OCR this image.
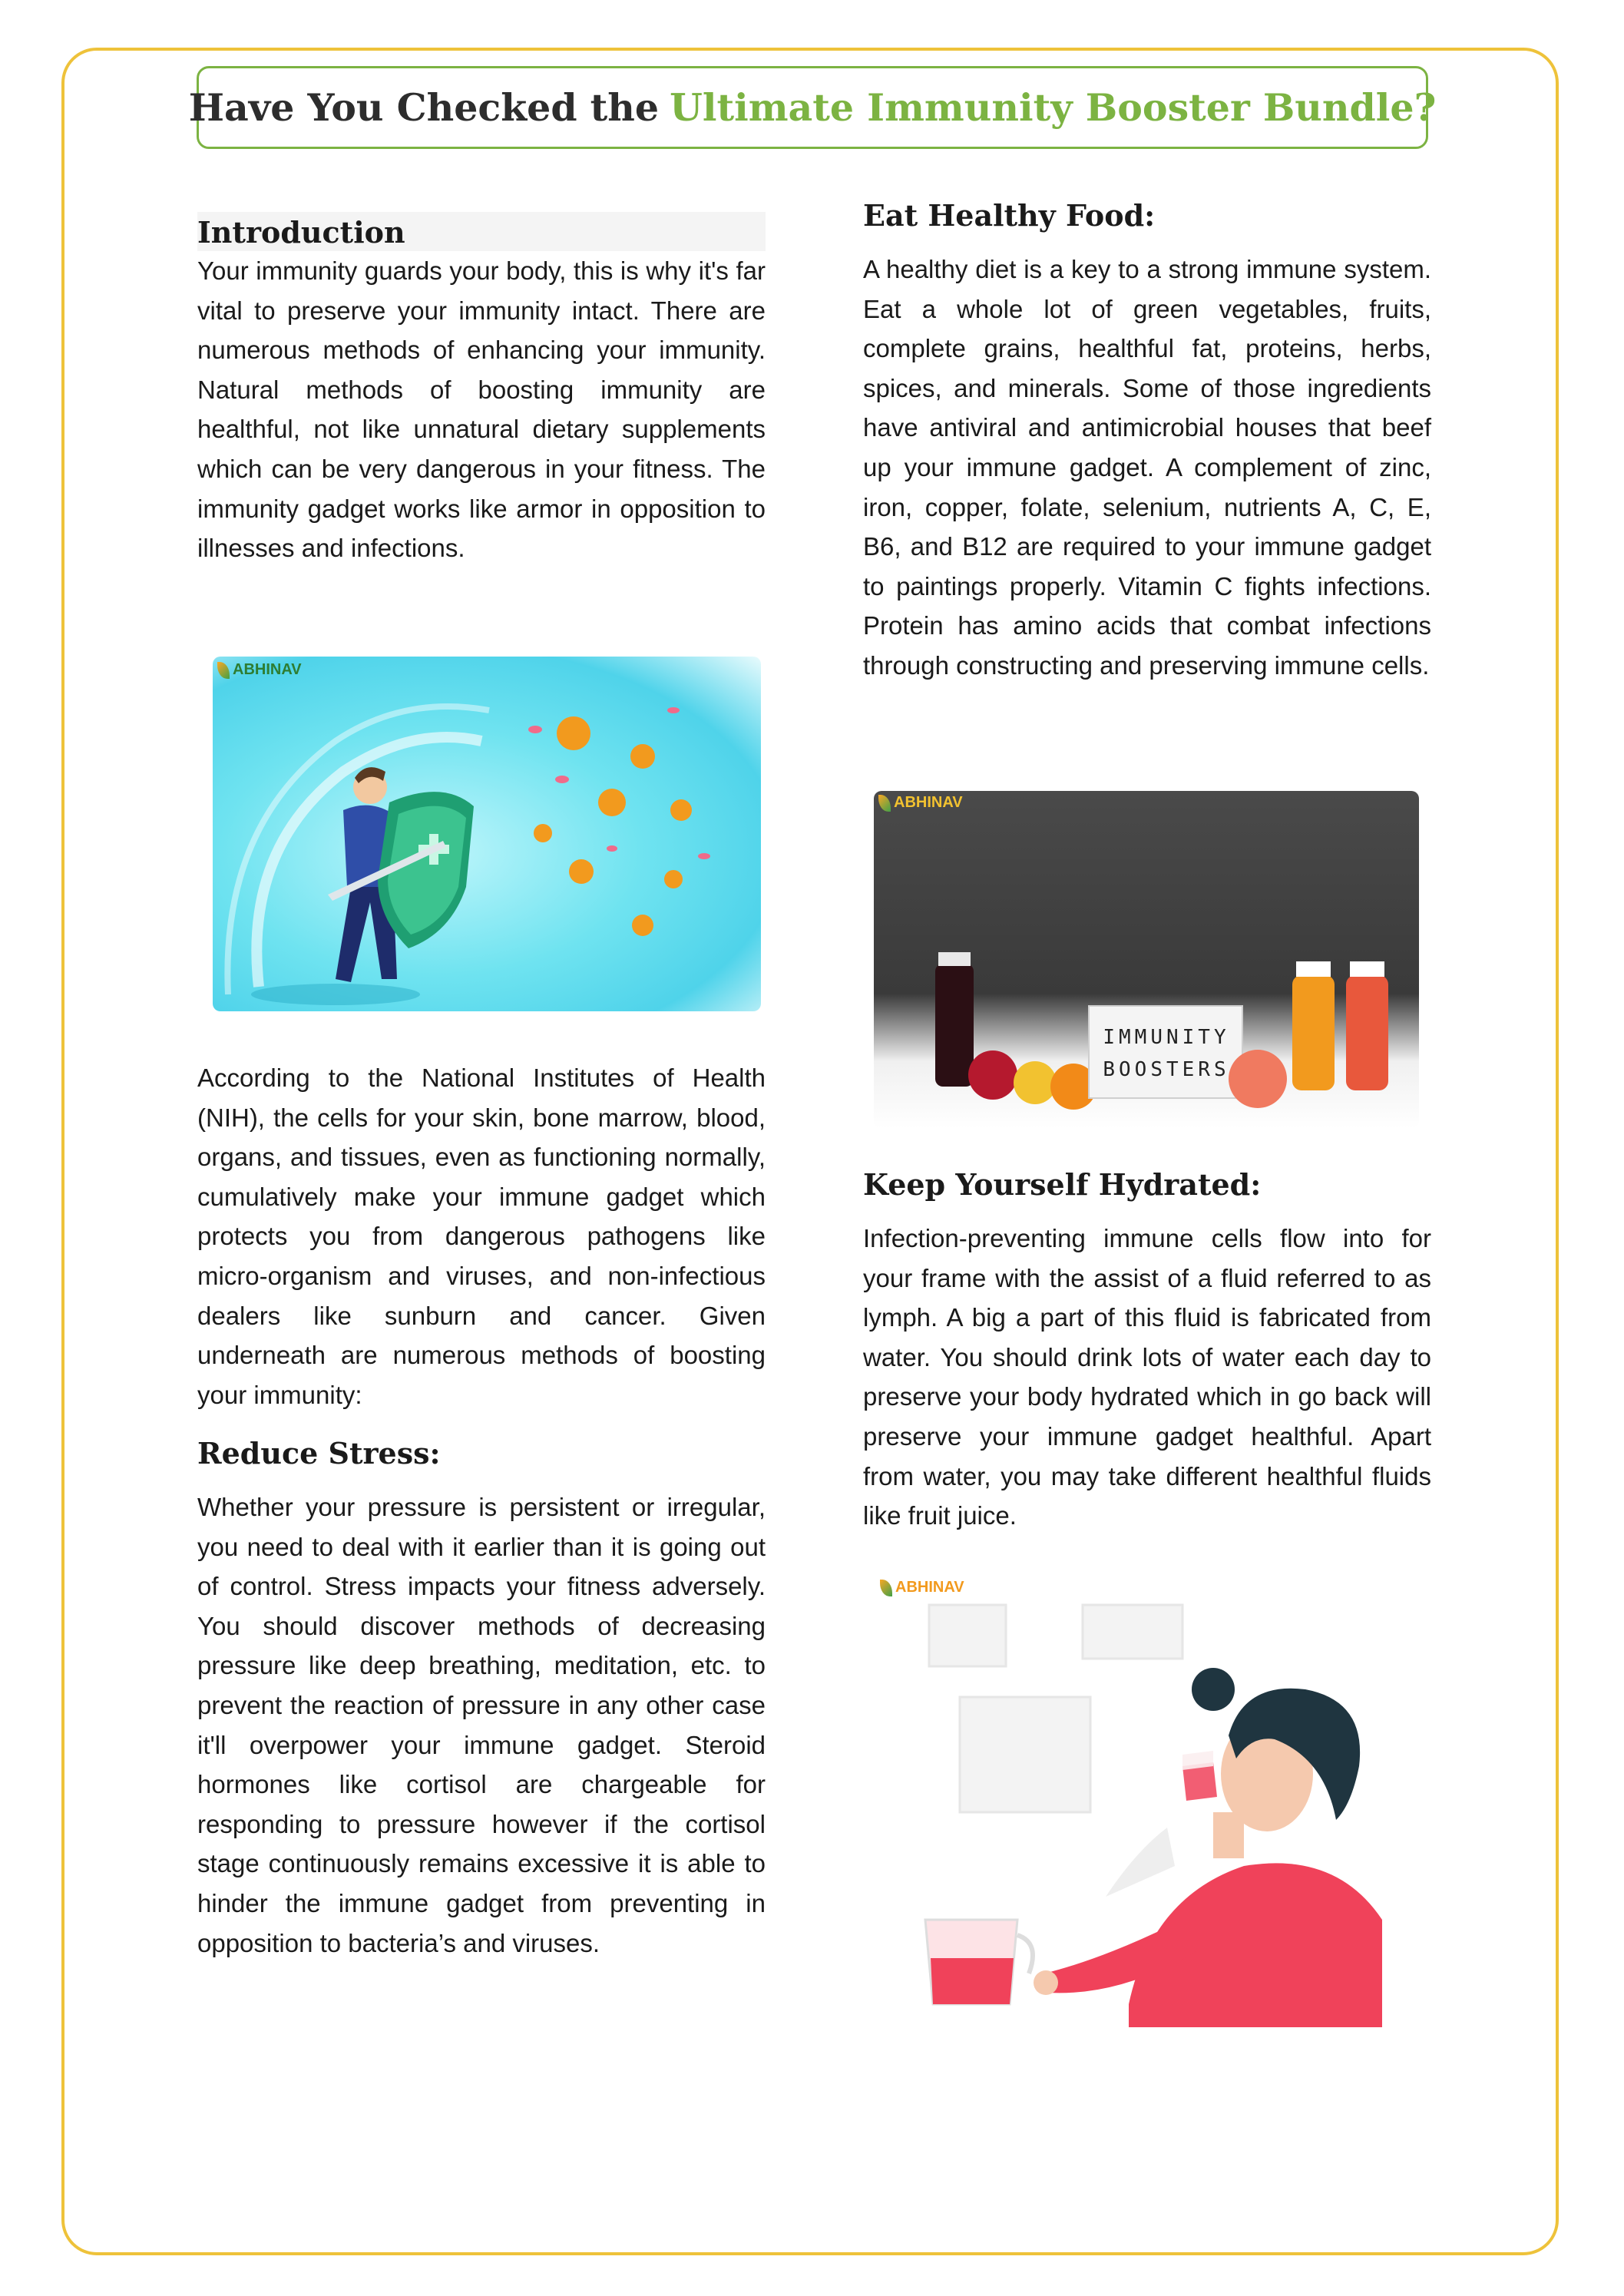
Have You Checked the Ultimate Immunity Booster Bundle?
Introduction

Your immunity guards your body, this is why it's far vital to preserve your immunity intact. There are numerous methods of enhancing your immunity. Natural methods of boosting immunity are healthful, not like unnatural dietary supplements which can be very dangerous in your fitness. The immunity gadget works like armor in opposition to illnesses and infections.

ABHINAV

According to the National Institutes of Health (NIH), the cells for your skin, bone marrow, blood, organs, and tissues, even as functioning normally, cumulatively make your immune gadget which protects you from dangerous pathogens like micro-organism and viruses, and non-infectious dealers like sunburn and cancer. Given underneath are numerous methods of boosting your immunity:

Reduce Stress:

Whether your pressure is persistent or irregular, you need to deal with it earlier than it is going out of control. Stress impacts your fitness adversely. You should discover methods of decreasing pressure like deep breathing, meditation, etc. to prevent the reaction of pressure in any other case it'll overpower your immune gadget. Steroid hormones like cortisol are chargeable for responding to pressure however if the cortisol stage continuously remains excessive it is able to hinder the immune gadget from preventing in opposition to bacteria’s and viruses.

Eat Healthy Food:

A healthy diet is a key to a strong immune system. Eat a whole lot of green vegetables, fruits, complete grains, healthful fat, proteins, herbs, spices, and minerals. Some of those ingredients have antiviral and antimicrobial houses that beef up your immune gadget. A complement of zinc, iron, copper, folate, selenium, nutrients A, C, E, B6, and B12 are required to your immune gadget to paintings properly. Vitamin C fights infections. Protein has amino acids that combat infections through constructing and preserving immune cells.

IMMUNITY
BOOSTERS
ABHINAV
Keep Yourself Hydrated:

Infection-preventing immune cells flow into for your frame with the assist of a fluid referred to as lymph. A big a part of this fluid is fabricated from water. You should drink lots of water each day to preserve your body hydrated which in go back will preserve your immune gadget healthful. Apart from water, you may take different healthful fluids like fruit juice.

ABHINAV
